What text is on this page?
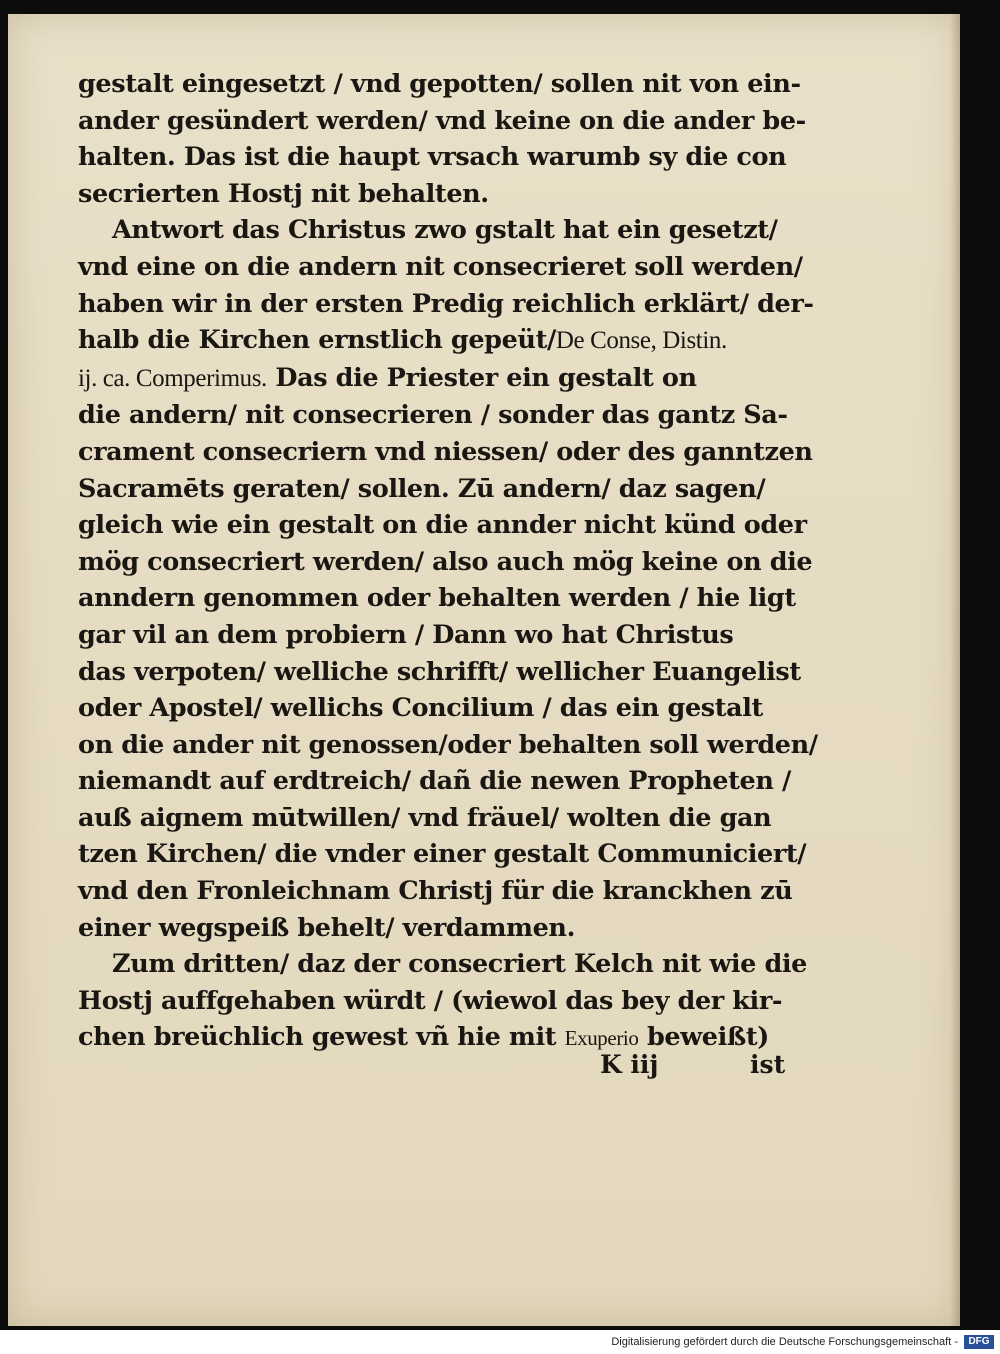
gestalt eingesetzt / vnd gepotten/ sollen nit von ein-
ander gesündert werden/ vnd keine on die ander be-
halten. Das ist die haupt vrsach warumb sy die con
secrierten Hostj nit behalten.
Antwort das Christus zwo gstalt hat ein gesetzt/
vnd eine on die andern nit consecrieret soll werden/
haben wir in der ersten Predig reichlich erklärt/ der-
halb die Kirchen ernstlich gepeüt/De Conse, Distin.
ij. ca. Comperimus. Das die Priester ein gestalt on
die andern/ nit consecrieren / sonder das gantz Sa-
crament consecriern vnd niessen/ oder des ganntzen
Sacramēts geraten/ sollen. Zū andern/ daz sagen/
gleich wie ein gestalt on die annder nicht künd oder
mög consecriert werden/ also auch mög keine on die
anndern genommen oder behalten werden / hie ligt
gar vil an dem probiern / Dann wo hat Christus
das verpoten/ welliche schrifft/ wellicher Euangelist
oder Apostel/ wellichs Concilium / das ein gestalt
on die ander nit genossen/oder behalten soll werden/
niemandt auf erdtreich/ dañ die newen Propheten /
auß aignem mūtwillen/ vnd fräuel/ wolten die gan
tzen Kirchen/ die vnder einer gestalt Communiciert/
vnd den Fronleichnam Christj für die kranckhen zū
einer wegspeiß behelt/ verdammen.
Zum dritten/ daz der consecriert Kelch nit wie die
Hostj auffgehaben würdt / (wiewol das bey der kir-
chen breüchlich gewest vñ hie mit Exuperio beweißt)
K iij	ist
Digitalisierung gefördert durch die Deutsche Forschungsgemeinschaft -	DFG
